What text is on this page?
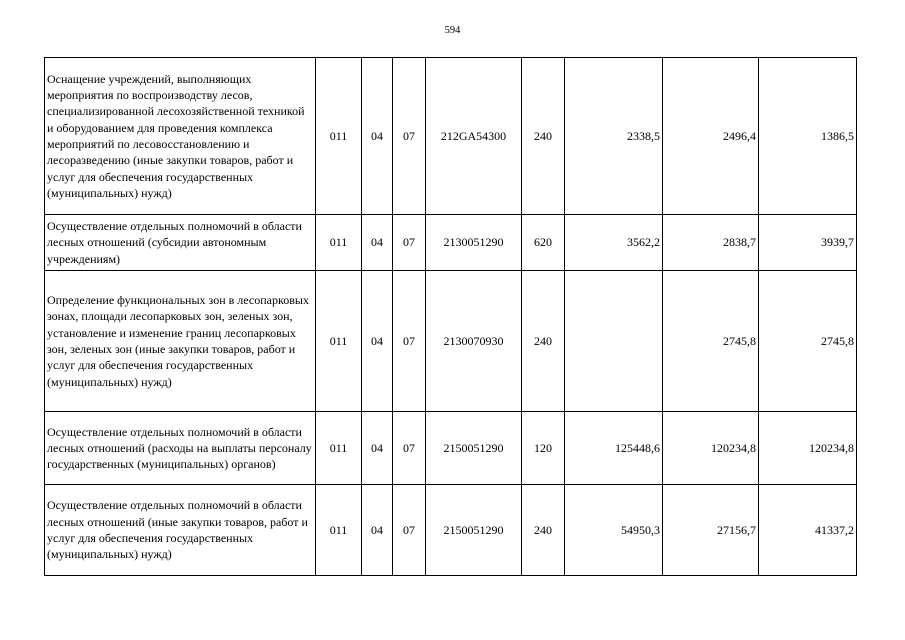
594
Оснащение учреждений, выполняющих мероприятия по воспроизводству лесов, специализированной лесохозяйственной техникой и оборудованием для проведения комплекса мероприятий по лесовосстановлению и лесоразведению (иные закупки товаров, работ и услуг для обеспечения государственных (муниципальных) нужд)	011	04	07	212GA54300	240	2338,5	2496,4	1386,5
Осуществление отдельных полномочий в области лесных отношений (субсидии автономным учреждениям)	011	04	07	2130051290	620	3562,2	2838,7	3939,7
Определение функциональных зон в лесопарковых зонах, площади лесопарковых зон, зеленых зон, установление и изменение границ лесопарковых зон, зеленых зон (иные закупки товаров, работ и услуг для обеспечения государственных (муниципальных) нужд)	011	04	07	2130070930	240		2745,8	2745,8
Осуществление отдельных полномочий в области лесных отношений (расходы на выплаты персоналу государственных (муниципальных) органов)	011	04	07	2150051290	120	125448,6	120234,8	120234,8
Осуществление отдельных полномочий в области лесных отношений (иные закупки товаров, работ и услуг для обеспечения государственных (муниципальных) нужд)	011	04	07	2150051290	240	54950,3	27156,7	41337,2
